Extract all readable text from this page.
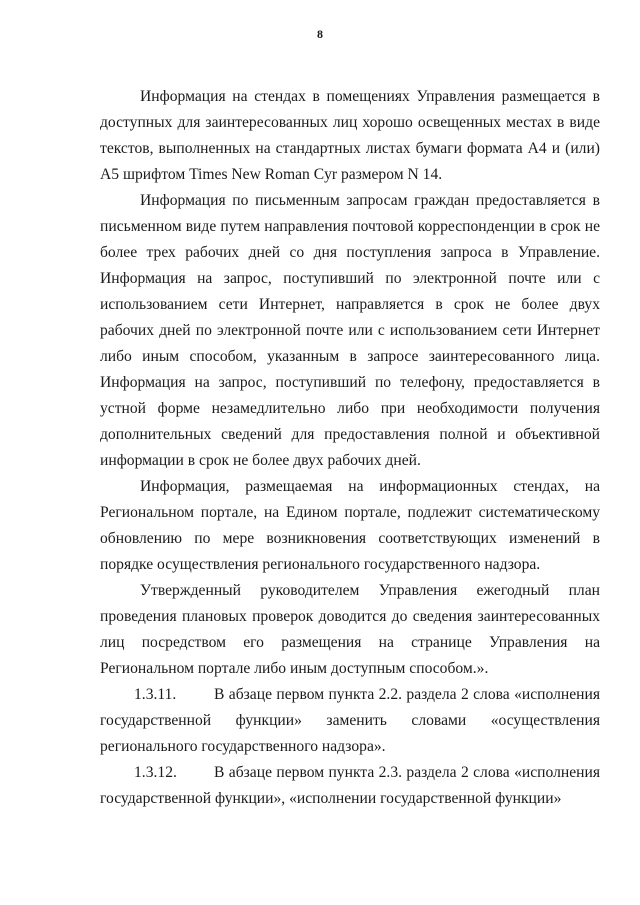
8

Информация на стендах в помещениях Управления размещается в доступных для заинтересованных лиц хорошо освещенных местах в виде текстов, выполненных на стандартных листах бумаги формата А4 и (или) А5 шрифтом Times New Roman Cyr размером N 14.

Информация по письменным запросам граждан предоставляется в письменном виде путем направления почтовой корреспонденции в срок не более трех рабочих дней со дня поступления запроса в Управление. Информация на запрос, поступивший по электронной почте или с использованием сети Интернет, направляется в срок не более двух рабочих дней по электронной почте или с использованием сети Интернет либо иным способом, указанным в запросе заинтересованного лица. Информация на запрос, поступивший по телефону, предоставляется в устной форме незамедлительно либо при необходимости получения дополнительных сведений для предоставления полной и объективной информации в срок не более двух рабочих дней.

Информация, размещаемая на информационных стендах, на Региональном портале, на Едином портале, подлежит систематическому обновлению по мере возникновения соответствующих изменений в порядке осуществления регионального государственного надзора.

Утвержденный руководителем Управления ежегодный план проведения плановых проверок доводится до сведения заинтересованных лиц посредством его размещения на странице Управления на Региональном портале либо иным доступным способом.».

1.3.11. В абзаце первом пункта 2.2. раздела 2 слова «исполнения государственной функции» заменить словами «осуществления регионального государственного надзора».

1.3.12. В абзаце первом пункта 2.3. раздела 2 слова «исполнения государственной функции», «исполнении государственной функции»
